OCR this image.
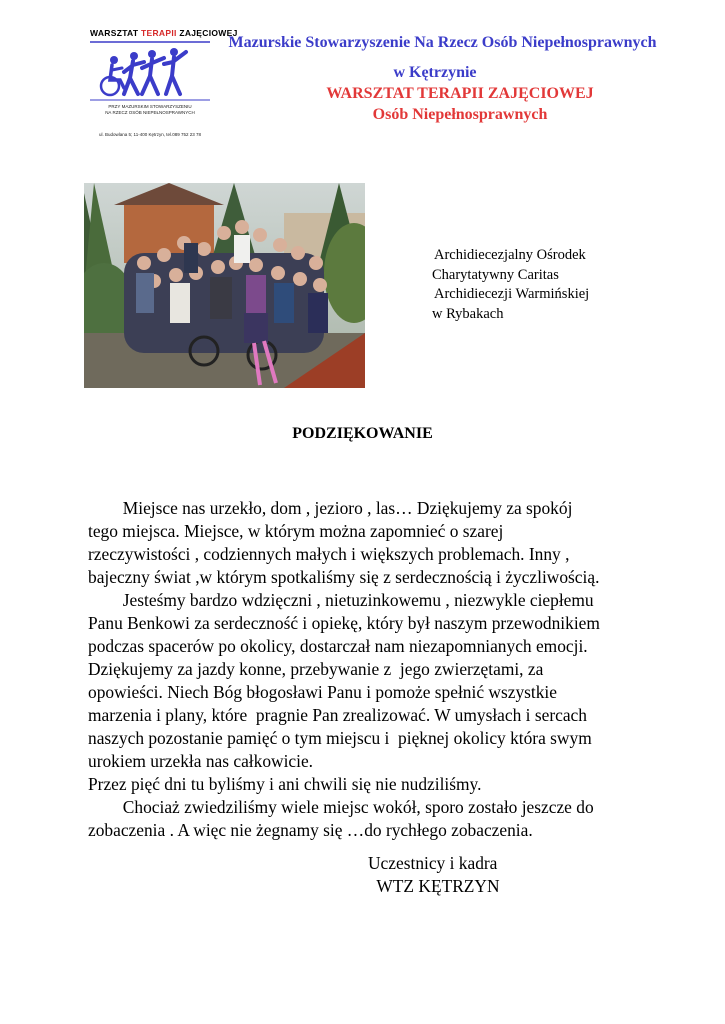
WARSZTAT TERAPII ZAJĘCIOWEJ
PRZY MAZURSKIM STOWARZYSZENIU
NA RZECZ OSÓB NIEPEŁNOSPRAWNYCH
ul. Budowlana 5; 11-400 Kętrzyn, tel.089 752 23 78
Mazurskie Stowarzyszenie Na Rzecz Osób Niepełnosprawnych
w Kętrzynie
WARSZTAT TERAPII ZAJĘCIOWEJ
Osób Niepełnosprawnych
Archidiecezjalny Ośrodek
Charytatywny Caritas
Archidiecezji Warmińskiej
w Rybakach
PODZIĘKOWANIE
Miejsce nas urzekło, dom , jezioro , las… Dziękujemy za spokój
tego miejsca. Miejsce, w którym można zapomnieć o szarej
rzeczywistości , codziennych małych i większych problemach. Inny ,
bajeczny świat ,w którym spotkaliśmy się z serdecznością i życzliwością.
Jesteśmy bardzo wdzięczni , nietuzinkowemu , niezwykle ciepłemu
Panu Benkowi za serdeczność i opiekę, który był naszym przewodnikiem
podczas spacerów po okolicy, dostarczał nam niezapomnianych emocji.
Dziękujemy za jazdy konne, przebywanie z  jego zwierzętami, za
opowieści. Niech Bóg błogosławi Panu i pomoże spełnić wszystkie
marzenia i plany, które  pragnie Pan zrealizować. W umysłach i sercach
naszych pozostanie pamięć o tym miejscu i  pięknej okolicy która swym
urokiem urzekła nas całkowicie.
Przez pięć dni tu byliśmy i ani chwili się nie nudziliśmy.
Chociaż zwiedziliśmy wiele miejsc wokół, sporo zostało jeszcze do
zobaczenia . A więc nie żegnamy się …do rychłego zobaczenia.
Uczestnicy i kadra
WTZ KĘTRZYN
